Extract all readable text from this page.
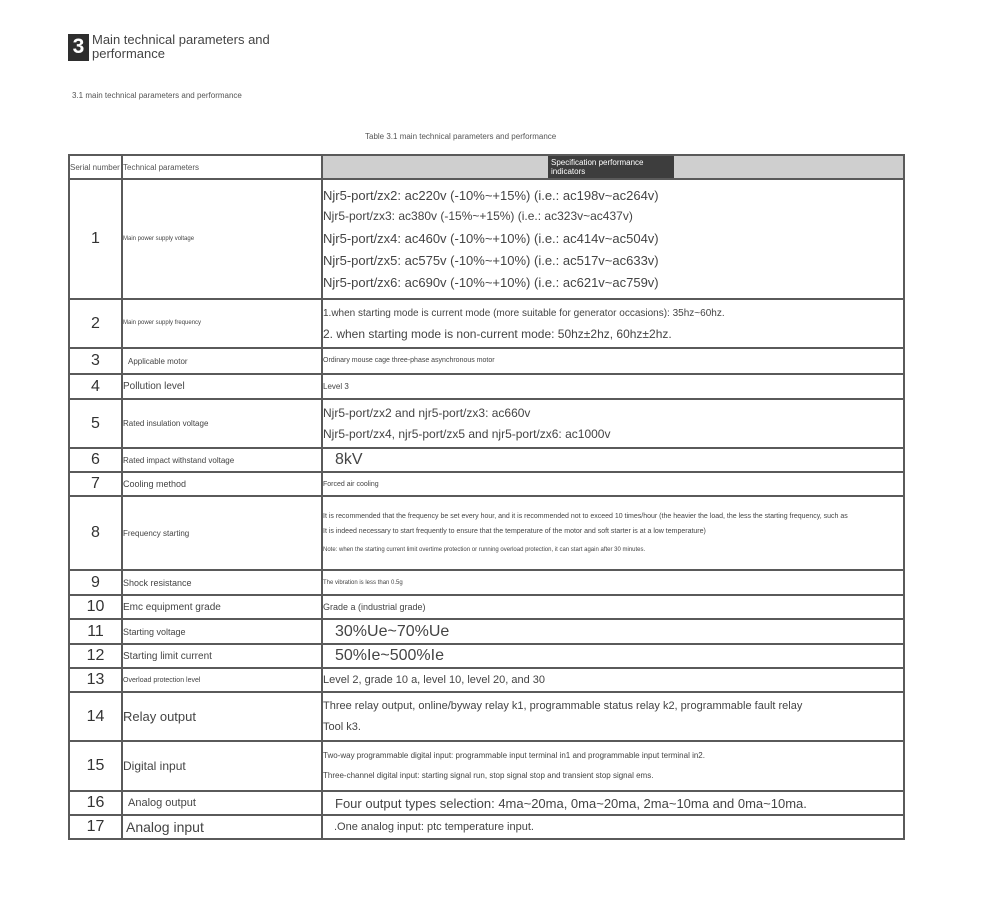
3 Main technical parameters and performance
3.1 main technical parameters and performance
Table 3.1 main technical parameters and performance
Serial number	Technical parameters	Specification performance indicators

1	Main power supply voltage	Njr5-port/zx2: ac220v (-10%~+15%) (i.e.: ac198v~ac264v)
Njr5-port/zx3: ac380v (-15%~+15%) (i.e.: ac323v~ac437v)
Njr5-port/zx4: ac460v (-10%~+10%) (i.e.: ac414v~ac504v)
Njr5-port/zx5: ac575v (-10%~+10%) (i.e.: ac517v~ac633v)
Njr5-port/zx6: ac690v (-10%~+10%) (i.e.: ac621v~ac759v)

2	Main power supply frequency	1.when starting mode is current mode (more suitable for generator occasions): 35hz~60hz.
2. when starting mode is non-current mode: 50hz±2hz, 60hz±2hz.

3	Applicable motor	Ordinary mouse cage three-phase asynchronous motor
4	Pollution level	Level 3
5	Rated insulation voltage	Njr5-port/zx2 and njr5-port/zx3: ac660v
Njr5-port/zx4, njr5-port/zx5 and njr5-port/zx6: ac1000v

6	Rated impact withstand voltage	8kV
7	Cooling method	Forced air cooling
8	Frequency starting	It is recommended that the frequency be set every hour, and it is recommended not to exceed 10 times/hour (the heavier the load, the less the starting frequency, such as
It is indeed necessary to start frequently to ensure that the temperature of the motor and soft starter is at a low temperature)
Note: when the starting current limit overtime protection or running overload protection, it can start again after 30 minutes.

9	Shock resistance	The vibration is less than 0.5g
10	Emc equipment grade	Grade a (industrial grade)
11	Starting voltage	30%Ue~70%Ue
12	Starting limit current	50%Ie~500%Ie
13	Overload protection level	Level 2, grade 10 a, level 10, level 20, and 30
14	Relay output	Three relay output, online/byway relay k1, programmable status relay k2, programmable fault relay
Tool k3.

15	Digital input	Two-way programmable digital input: programmable input terminal in1 and programmable input terminal in2.
Three-channel digital input: starting signal run, stop signal stop and transient stop signal ems.

16	Analog output	Four output types selection: 4ma~20ma, 0ma~20ma, 2ma~10ma and 0ma~10ma.
17	Analog input	.One analog input: ptc temperature input.
